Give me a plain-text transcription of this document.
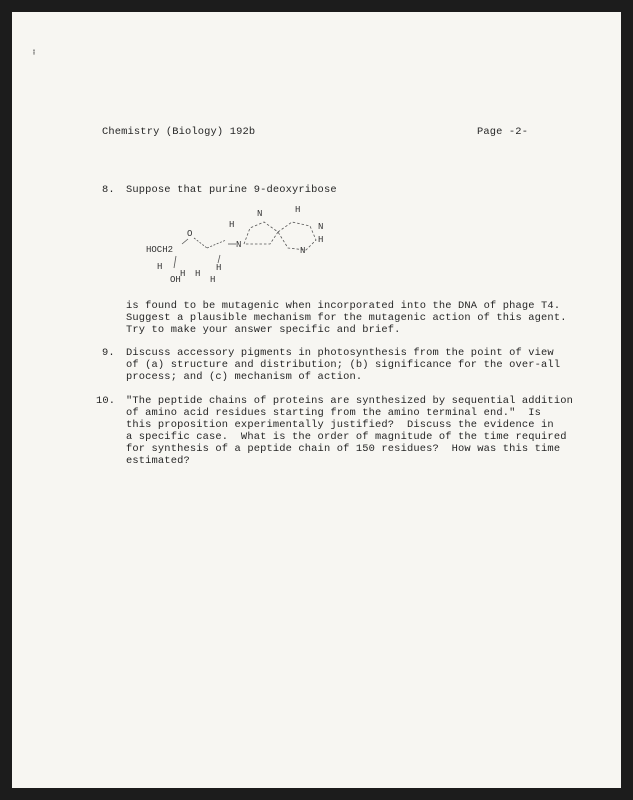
.
'
Chemistry (Biology) 192b	Page -2-
8. Suppose that purine 9-deoxyribose
HOCH2
O
H
OH
H H
H
H
N
H
N	H
N
H
N
is found to be mutagenic when incorporated into the DNA of phage T4.
Suggest a plausible mechanism for the mutagenic action of this agent.
Try to make your answer specific and brief.
9. Discuss accessory pigments in photosynthesis from the point of view
of (a) structure and distribution; (b) significance for the over-all
process; and (c) mechanism of action.
10. "The peptide chains of proteins are synthesized by sequential addition
of amino acid residues starting from the amino terminal end."  Is
this proposition experimentally justified?  Discuss the evidence in
a specific case.  What is the order of magnitude of the time required
for synthesis of a peptide chain of 150 residues?  How was this time
estimated?
